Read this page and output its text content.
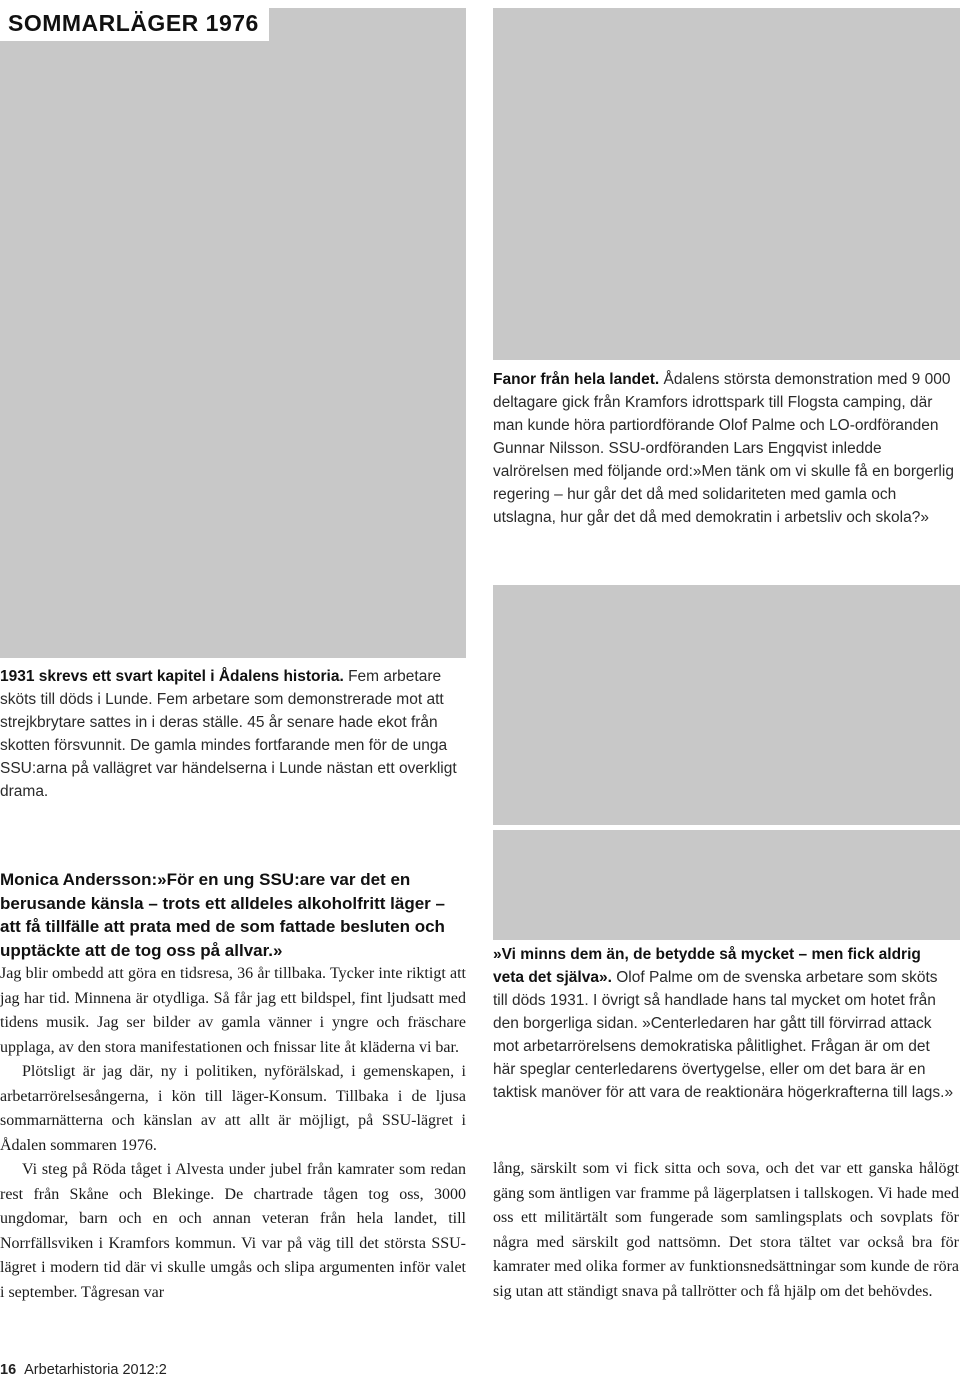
SOMMARLÄGER 1976

Fanor från hela landet. Ådalens största demonstration med 9 000 deltagare gick från Kramfors idrottspark till Flogsta camping, där man kunde höra partiordförande Olof Palme och LO-ordföranden Gunnar Nilsson. SSU-ordföranden Lars Engqvist inledde valrörelsen med följande ord:»Men tänk om vi skulle få en borgerlig regering – hur går det då med solidariteten med gamla och utslagna, hur går det då med demokratin i arbetsliv och skola?»

1931 skrevs ett svart kapitel i Ådalens historia. Fem arbetare sköts till döds i Lunde. Fem arbetare som demonstrerade mot att strejkbrytare sattes in i deras ställe. 45 år senare hade ekot från skotten försvunnit. De gamla mindes fortfarande men för de unga SSU:arna på vallägret var händelserna i Lunde nästan ett overkligt drama.

Monica Andersson:»För en ung SSU:are var det en berusande känsla – trots ett alldeles alkoholfritt läger – att få tillfälle att prata med de som fattade besluten och upptäckte att de tog oss på allvar.»	»Vi minns dem än, de betydde så mycket – men fick aldrig veta det själva». Olof Palme om de svenska arbetare som sköts till döds 1931. I övrigt så handlade hans tal mycket om hotet från den borgerliga sidan. »Centerledaren har gått till förvirrad attack mot arbetarrörelsens demokratiska pålitlighet. Frågan är om det här speglar centerledarens övertygelse, eller om det bara är en taktisk manöver för att vara de reaktionära högerkrafterna till lags.»

Jag blir ombedd att göra en tidsresa, 36 år tillbaka. Tycker inte riktigt att jag har tid. Minnena är otydliga. Så får jag ett bildspel, fint ljudsatt med tidens musik. Jag ser bilder av gamla vänner i yngre och fräschare upplaga, av den stora manifestationen och fnissar lite åt kläderna vi bar.

Plötsligt är jag där, ny i politiken, nyförälskad, i gemenskapen, i arbetarrörelsesångerna, i kön till läger-Konsum. Tillbaka i de ljusa sommarnätterna och känslan av att allt är möjligt, på SSU-lägret i Ådalen sommaren 1976.

Vi steg på Röda tåget i Alvesta under jubel från kamrater som redan rest från Skåne och Blekinge. De chartrade tågen tog oss, 3000 ungdomar, barn och en och annan veteran från hela landet, till Norrfällsviken i Kramfors kommun. Vi var på väg till det största SSU-lägret i modern tid där vi skulle umgås och slipa argumenten inför valet i september. Tågresan var

lång, särskilt som vi fick sitta och sova, och det var ett ganska hålögt gäng som äntligen var framme på lägerplatsen i tallskogen. Vi hade med oss ett militärtält som fungerade som samlingsplats och sovplats för några med särskilt god nattsömn. Det stora tältet var också bra för kamrater med olika former av funktionsnedsättningar som kunde de röra sig utan att ständigt snava på tallrötter och få hjälp om det behövdes.

16 Arbetarhistoria 2012:2
